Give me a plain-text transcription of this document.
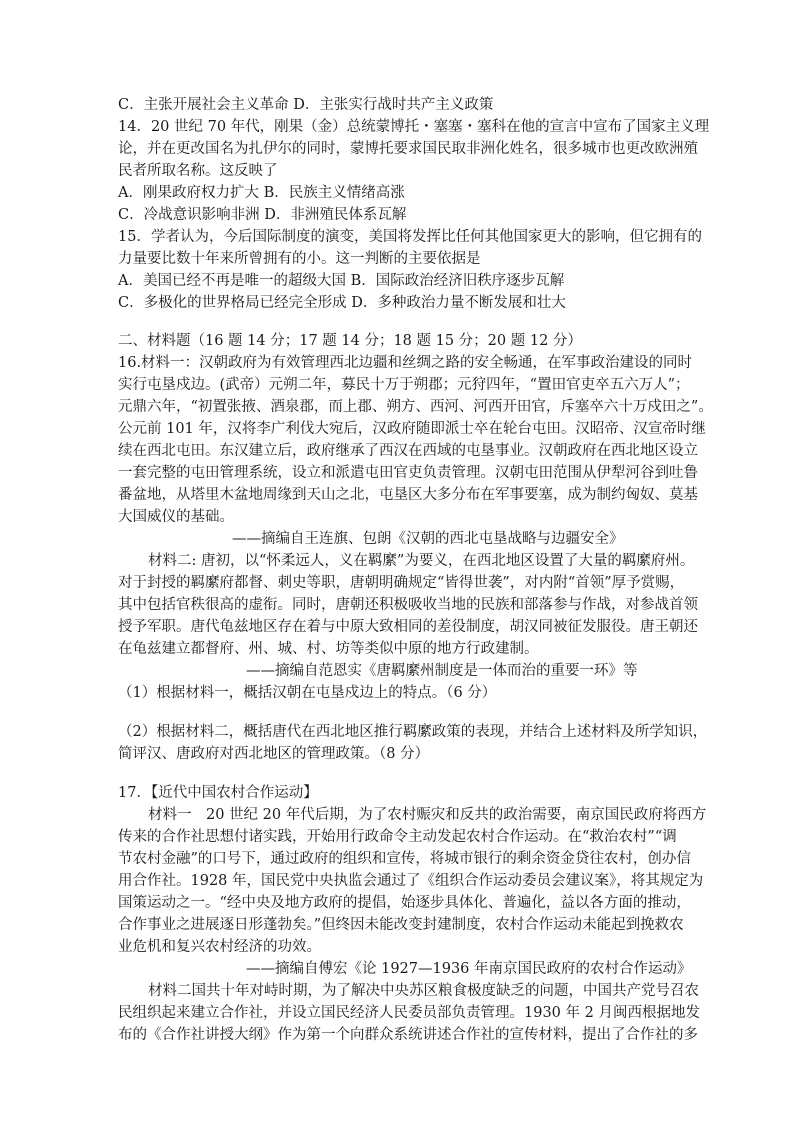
C．主张开展社会主义革命 D．主张实行战时共产主义政策
14．20 世纪 70 年代，刚果（金）总统蒙博托・塞塞・塞科在他的宣言中宣布了国家主义理
论，并在更改国名为扎伊尔的同时，蒙博托要求国民取非洲化姓名，很多城市也更改欧洲殖
民者所取名称。这反映了
A．刚果政府权力扩大 B．民族主义情绪高涨
C．冷战意识影响非洲 D．非洲殖民体系瓦解
15．学者认为，今后国际制度的演变，美国将发挥比任何其他国家更大的影响，但它拥有的
力量要比数十年来所曾拥有的小。这一判断的主要依据是
A．美国已经不再是唯一的超级大国 B．国际政治经济旧秩序逐步瓦解
C．多极化的世界格局已经完全形成 D．多种政治力量不断发展和壮大
二、材料题（16 题 14 分；17 题 14 分；18 题 15 分；20 题 12 分）
16.材料一：汉朝政府为有效管理西北边疆和丝绸之路的安全畅通，在军事政治建设的同时
实行屯垦戍边。(武帝）元朔二年，募民十万于朔郡；元狩四年，“置田官吏卒五六万人”；
元鼎六年，“初置张掖、酒泉郡，而上郡、朔方、西河、河西开田官，斥塞卒六十万戍田之”。
公元前 101 年，汉将李广利伐大宛后，汉政府随即派士卒在轮台屯田。汉昭帝、汉宣帝时继
续在西北屯田。东汉建立后，政府继承了西汉在西域的屯垦事业。汉朝政府在西北地区设立
一套完整的屯田管理系统，设立和派遣屯田官吏负责管理。汉朝屯田范围从伊犁河谷到吐鲁
番盆地，从塔里木盆地周缘到天山之北，屯垦区大多分布在军事要塞，成为制约匈奴、莫基
大国威仪的基础。
——摘编自王连旗、包朗《汉朝的西北屯垦战略与边疆安全》
材料二: 唐初，以“怀柔远人，义在羁縻”为要义，在西北地区设置了大量的羁縻府州。
对于封授的羁縻府都督、刺史等职，唐朝明确规定“皆得世袭”，对内附“首领”厚予赏赐，
其中包括官秩很高的虚衔。同时，唐朝还积极吸收当地的民族和部落参与作战，对参战首领
授予军职。唐代龟兹地区存在着与中原大致相同的差役制度，胡汉同被征发服役。唐王朝还
在龟兹建立都督府、州、城、村、坊等类似中原的地方行政建制。
——摘编自范恩实《唐羁縻州制度是一体而治的重要一环》等
（1）根据材料一，概括汉朝在屯垦戍边上的特点。（6 分）
（2）根据材料二，概括唐代在西北地区推行羁縻政策的表现，并结合上述材料及所学知识，
简评汉、唐政府对西北地区的管理政策。（8 分）
17．【近代中国农村合作运动】
材料一　20 世纪 20 年代后期，为了农村赈灾和反共的政治需要，南京国民政府将西方
传来的合作社思想付诸实践，开始用行政命令主动发起农村合作运动。在“救治农村”“调
节农村金融”的口号下，通过政府的组织和宣传，将城市银行的剩余资金贷往农村，创办信
用合作社。1928 年，国民党中央执监会通过了《组织合作运动委员会建议案》，将其规定为
国策运动之一。“经中央及地方政府的提倡，始逐步具体化、普遍化，益以各方面的推动，
合作事业之进展逐日形蓬勃矣。”但终因未能改变封建制度，农村合作运动未能起到挽救农
业危机和复兴农村经济的功效。
——摘编自傅宏《论 1927—1936 年南京国民政府的农村合作运动》
材料二国共十年对峙时期，为了解决中央苏区粮食极度缺乏的问题，中国共产党号召农
民组织起来建立合作社，并设立国民经济人民委员部负责管理。1930 年 2 月闽西根据地发
布的《合作社讲授大纲》作为第一个向群众系统讲述合作社的宣传材料，提出了合作社的多
